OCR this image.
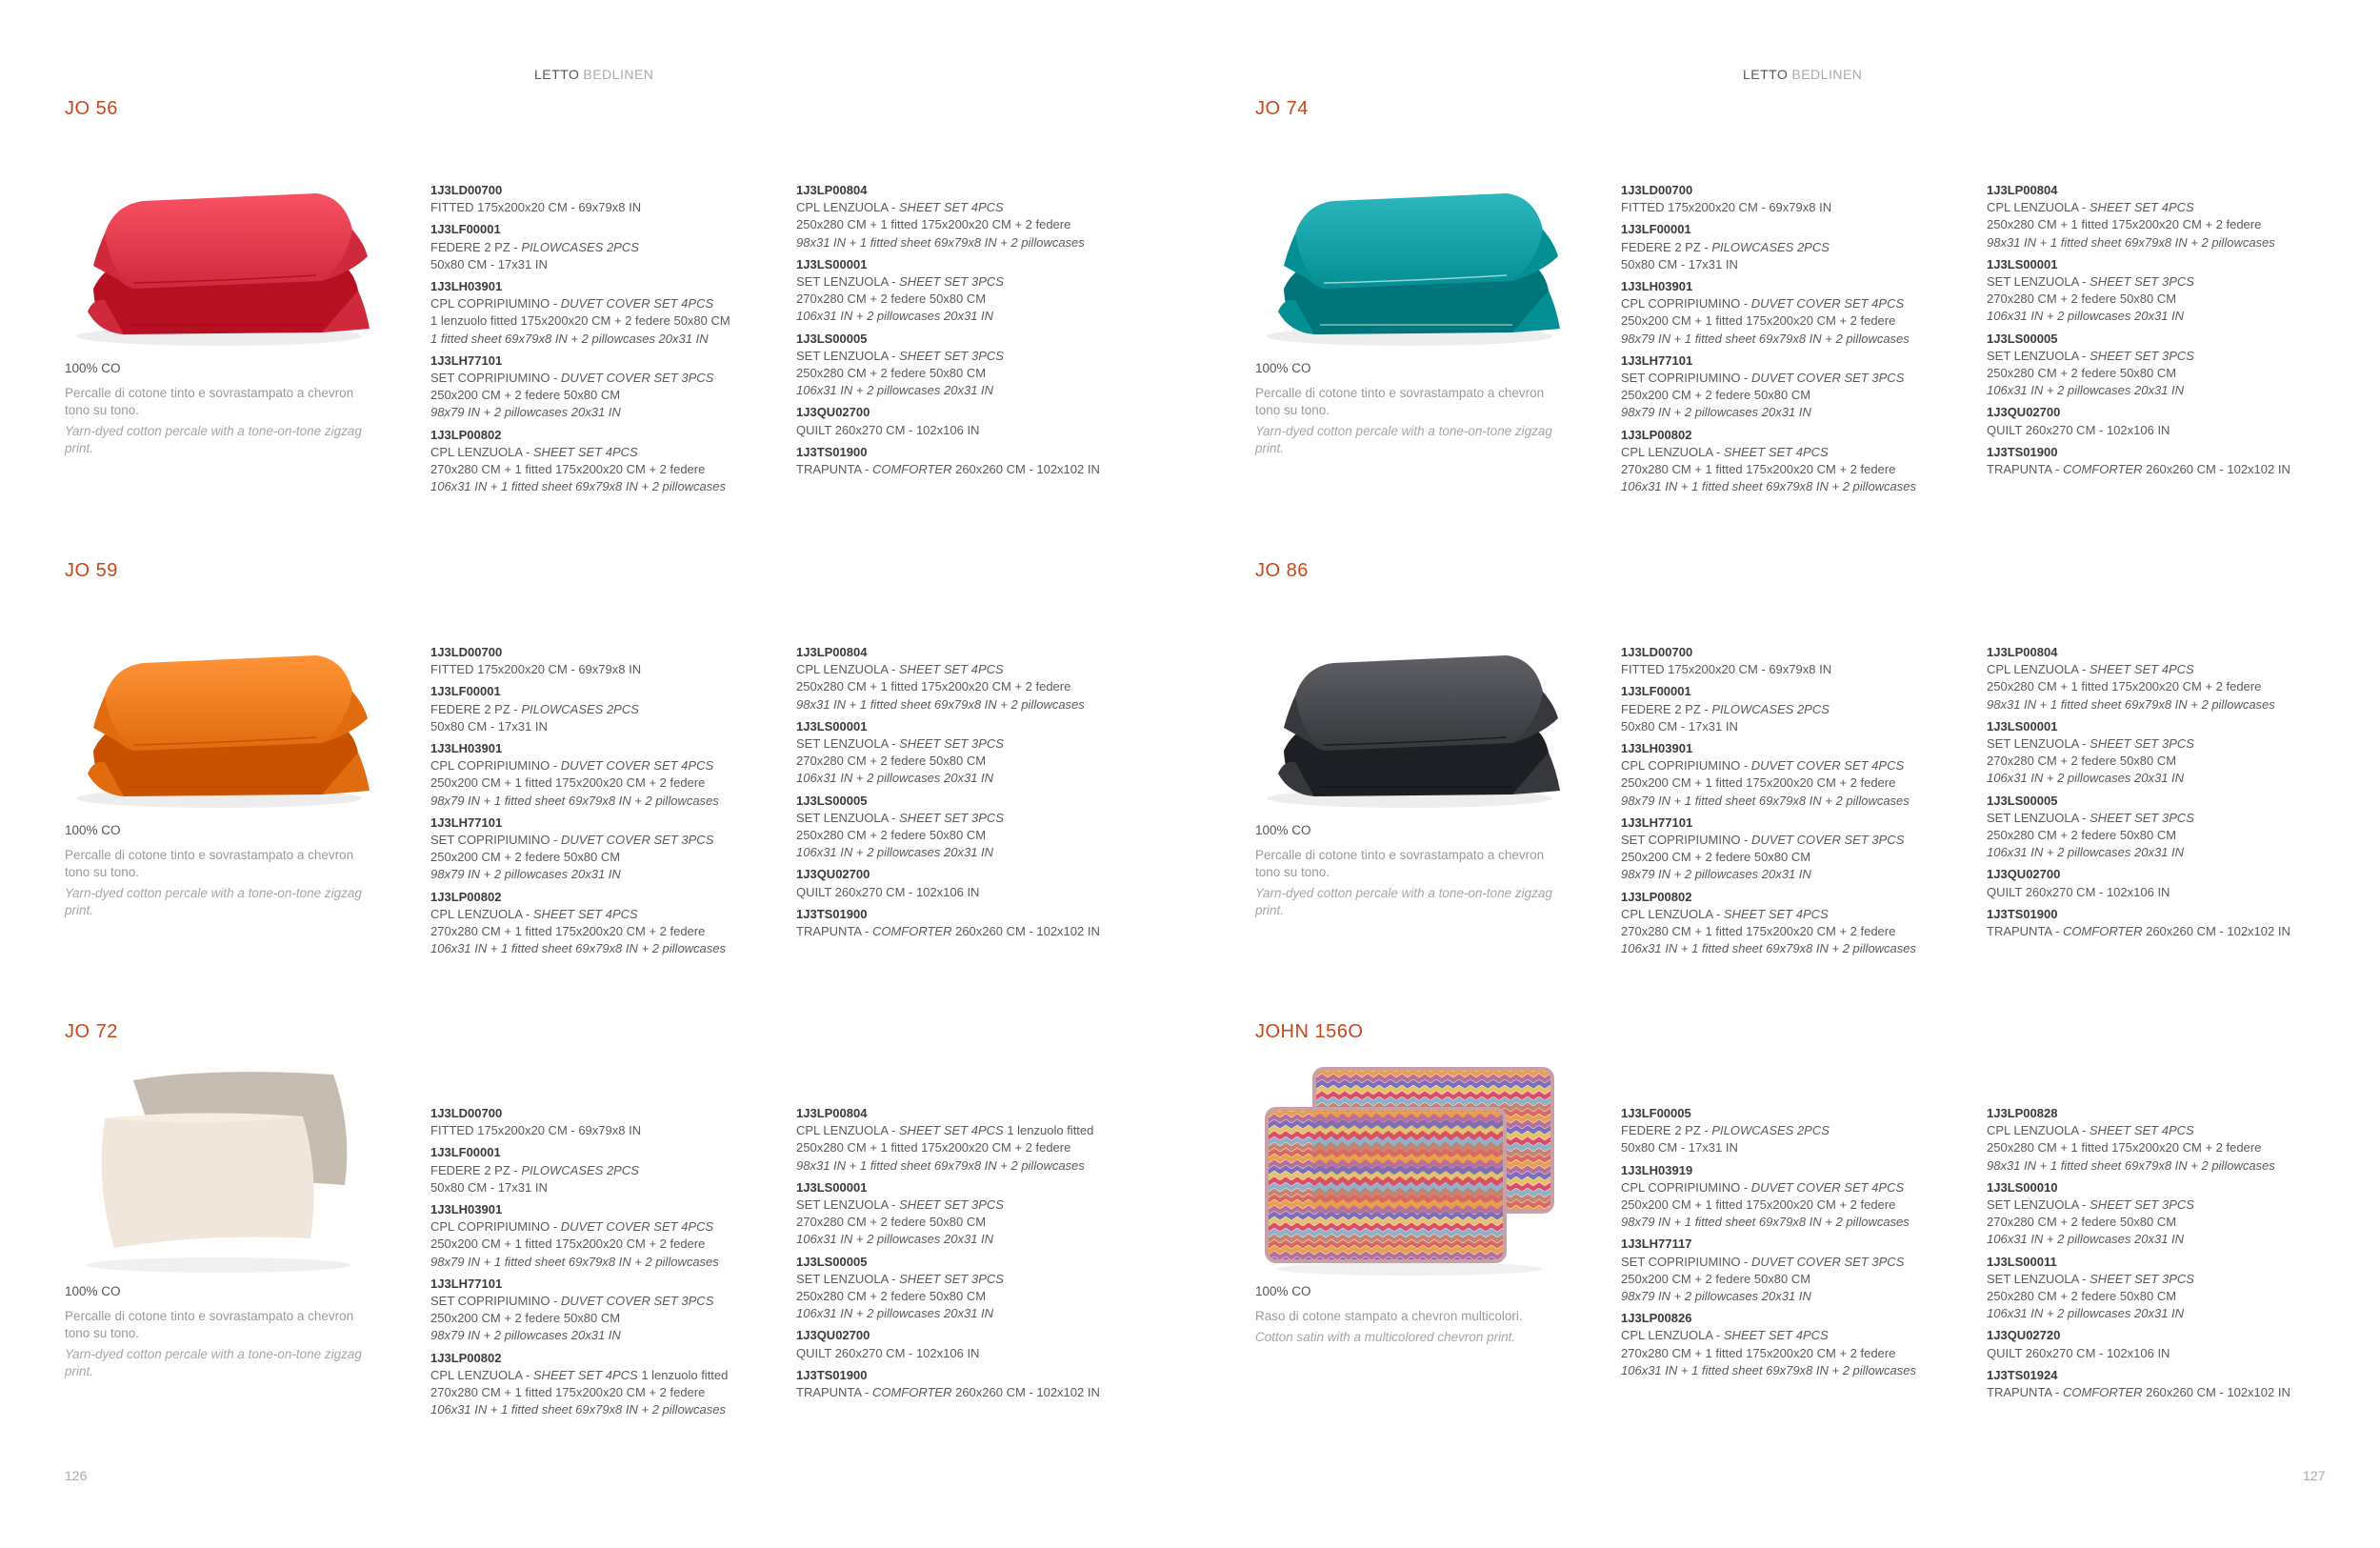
LETTO BEDLINEN
JO 56
100% CO
Percalle di cotone tinto e sovrastampato a chevron tono su tono.
Yarn-dyed cotton percale with a tone-on-tone zigzag print.
1J3LD00700
FITTED 175x200x20 CM - 69x79x8 IN
1J3LF00001
FEDERE 2 PZ - PILOWCASES 2PCS
50x80 CM - 17x31 IN
1J3LH03901
CPL COPRIPIUMINO - DUVET COVER SET 4PCS
1 lenzuolo fitted 175x200x20 CM + 2 federe 50x80 CM
1 fitted sheet 69x79x8 IN + 2 pillowcases 20x31 IN
1J3LH77101
SET COPRIPIUMINO - DUVET COVER SET 3PCS
250x200 CM + 2 federe 50x80 CM
98x79 IN + 2 pillowcases 20x31 IN
1J3LP00802
CPL LENZUOLA - SHEET SET 4PCS
270x280 CM + 1 fitted 175x200x20 CM + 2 federe
106x31 IN + 1 fitted sheet 69x79x8 IN + 2 pillowcases
1J3LP00804
CPL LENZUOLA - SHEET SET 4PCS
250x280 CM + 1 fitted 175x200x20 CM + 2 federe
98x31 IN + 1 fitted sheet 69x79x8 IN + 2 pillowcases
1J3LS00001
SET LENZUOLA - SHEET SET 3PCS
270x280 CM + 2 federe 50x80 CM
106x31 IN + 2 pillowcases 20x31 IN
1J3LS00005
SET LENZUOLA - SHEET SET 3PCS
250x280 CM + 2 federe 50x80 CM
106x31 IN + 2 pillowcases 20x31 IN
1J3QU02700
QUILT 260x270 CM - 102x106 IN
1J3TS01900
TRAPUNTA - COMFORTER 260x260 CM - 102x102 IN
JO 59
100% CO
Percalle di cotone tinto e sovrastampato a chevron tono su tono.
Yarn-dyed cotton percale with a tone-on-tone zigzag print.
1J3LD00700
FITTED 175x200x20 CM - 69x79x8 IN
1J3LF00001
FEDERE 2 PZ - PILOWCASES 2PCS
50x80 CM - 17x31 IN
1J3LH03901
CPL COPRIPIUMINO - DUVET COVER SET 4PCS
250x200 CM + 1 fitted 175x200x20 CM + 2 federe
98x79 IN + 1 fitted sheet 69x79x8 IN + 2 pillowcases
1J3LH77101
SET COPRIPIUMINO - DUVET COVER SET 3PCS
250x200 CM + 2 federe 50x80 CM
98x79 IN + 2 pillowcases 20x31 IN
1J3LP00802
CPL LENZUOLA - SHEET SET 4PCS
270x280 CM + 1 fitted 175x200x20 CM + 2 federe
106x31 IN + 1 fitted sheet 69x79x8 IN + 2 pillowcases
1J3LP00804
CPL LENZUOLA - SHEET SET 4PCS
250x280 CM + 1 fitted 175x200x20 CM + 2 federe
98x31 IN + 1 fitted sheet 69x79x8 IN + 2 pillowcases
1J3LS00001
SET LENZUOLA - SHEET SET 3PCS
270x280 CM + 2 federe 50x80 CM
106x31 IN + 2 pillowcases 20x31 IN
1J3LS00005
SET LENZUOLA - SHEET SET 3PCS
250x280 CM + 2 federe 50x80 CM
106x31 IN + 2 pillowcases 20x31 IN
1J3QU02700
QUILT 260x270 CM - 102x106 IN
1J3TS01900
TRAPUNTA - COMFORTER 260x260 CM - 102x102 IN
JO 72
100% CO
Percalle di cotone tinto e sovrastampato a chevron tono su tono.
Yarn-dyed cotton percale with a tone-on-tone zigzag print.
1J3LD00700
FITTED 175x200x20 CM - 69x79x8 IN
1J3LF00001
FEDERE 2 PZ - PILOWCASES 2PCS
50x80 CM - 17x31 IN
1J3LH03901
CPL COPRIPIUMINO - DUVET COVER SET 4PCS
250x200 CM + 1 fitted 175x200x20 CM + 2 federe
98x79 IN + 1 fitted sheet 69x79x8 IN + 2 pillowcases
1J3LH77101
SET COPRIPIUMINO - DUVET COVER SET 3PCS
250x200 CM + 2 federe 50x80 CM
98x79 IN + 2 pillowcases 20x31 IN
1J3LP00802
CPL LENZUOLA - SHEET SET 4PCS 1 lenzuolo fitted
270x280 CM + 1 fitted 175x200x20 CM + 2 federe
106x31 IN + 1 fitted sheet 69x79x8 IN + 2 pillowcases
1J3LP00804
CPL LENZUOLA - SHEET SET 4PCS 1 lenzuolo fitted
250x280 CM + 1 fitted 175x200x20 CM + 2 federe
98x31 IN + 1 fitted sheet 69x79x8 IN + 2 pillowcases
1J3LS00001
SET LENZUOLA - SHEET SET 3PCS
270x280 CM + 2 federe 50x80 CM
106x31 IN + 2 pillowcases 20x31 IN
1J3LS00005
SET LENZUOLA - SHEET SET 3PCS
250x280 CM + 2 federe 50x80 CM
106x31 IN + 2 pillowcases 20x31 IN
1J3QU02700
QUILT 260x270 CM - 102x106 IN
1J3TS01900
TRAPUNTA - COMFORTER 260x260 CM - 102x102 IN
126
LETTO BEDLINEN
JO 74
100% CO
Percalle di cotone tinto e sovrastampato a chevron tono su tono.
Yarn-dyed cotton percale with a tone-on-tone zigzag print.
1J3LD00700
FITTED 175x200x20 CM - 69x79x8 IN
1J3LF00001
FEDERE 2 PZ - PILOWCASES 2PCS
50x80 CM - 17x31 IN
1J3LH03901
CPL COPRIPIUMINO - DUVET COVER SET 4PCS
250x200 CM + 1 fitted 175x200x20 CM + 2 federe
98x79 IN + 1 fitted sheet 69x79x8 IN + 2 pillowcases
1J3LH77101
SET COPRIPIUMINO - DUVET COVER SET 3PCS
250x200 CM + 2 federe 50x80 CM
98x79 IN + 2 pillowcases 20x31 IN
1J3LP00802
CPL LENZUOLA - SHEET SET 4PCS
270x280 CM + 1 fitted 175x200x20 CM + 2 federe
106x31 IN + 1 fitted sheet 69x79x8 IN + 2 pillowcases
1J3LP00804
CPL LENZUOLA - SHEET SET 4PCS
250x280 CM + 1 fitted 175x200x20 CM + 2 federe
98x31 IN + 1 fitted sheet 69x79x8 IN + 2 pillowcases
1J3LS00001
SET LENZUOLA - SHEET SET 3PCS
270x280 CM + 2 federe 50x80 CM
106x31 IN + 2 pillowcases 20x31 IN
1J3LS00005
SET LENZUOLA - SHEET SET 3PCS
250x280 CM + 2 federe 50x80 CM
106x31 IN + 2 pillowcases 20x31 IN
1J3QU02700
QUILT 260x270 CM - 102x106 IN
1J3TS01900
TRAPUNTA - COMFORTER 260x260 CM - 102x102 IN
JO 86
100% CO
Percalle di cotone tinto e sovrastampato a chevron tono su tono.
Yarn-dyed cotton percale with a tone-on-tone zigzag print.
1J3LD00700
FITTED 175x200x20 CM - 69x79x8 IN
1J3LF00001
FEDERE 2 PZ - PILOWCASES 2PCS
50x80 CM - 17x31 IN
1J3LH03901
CPL COPRIPIUMINO - DUVET COVER SET 4PCS
250x200 CM + 1 fitted 175x200x20 CM + 2 federe
98x79 IN + 1 fitted sheet 69x79x8 IN + 2 pillowcases
1J3LH77101
SET COPRIPIUMINO - DUVET COVER SET 3PCS
250x200 CM + 2 federe 50x80 CM
98x79 IN + 2 pillowcases 20x31 IN
1J3LP00802
CPL LENZUOLA - SHEET SET 4PCS
270x280 CM + 1 fitted 175x200x20 CM + 2 federe
106x31 IN + 1 fitted sheet 69x79x8 IN + 2 pillowcases
1J3LP00804
CPL LENZUOLA - SHEET SET 4PCS
250x280 CM + 1 fitted 175x200x20 CM + 2 federe
98x31 IN + 1 fitted sheet 69x79x8 IN + 2 pillowcases
1J3LS00001
SET LENZUOLA - SHEET SET 3PCS
270x280 CM + 2 federe 50x80 CM
106x31 IN + 2 pillowcases 20x31 IN
1J3LS00005
SET LENZUOLA - SHEET SET 3PCS
250x280 CM + 2 federe 50x80 CM
106x31 IN + 2 pillowcases 20x31 IN
1J3QU02700
QUILT 260x270 CM - 102x106 IN
1J3TS01900
TRAPUNTA - COMFORTER 260x260 CM - 102x102 IN
JOHN 156O
100% CO
Raso di cotone stampato a chevron multicolori.
Cotton satin with a multicolored chevron print.
1J3LF00005
FEDERE 2 PZ - PILOWCASES 2PCS
50x80 CM - 17x31 IN
1J3LH03919
CPL COPRIPIUMINO - DUVET COVER SET 4PCS
250x200 CM + 1 fitted 175x200x20 CM + 2 federe
98x79 IN + 1 fitted sheet 69x79x8 IN + 2 pillowcases
1J3LH77117
SET COPRIPIUMINO - DUVET COVER SET 3PCS
250x200 CM + 2 federe 50x80 CM
98x79 IN + 2 pillowcases 20x31 IN
1J3LP00826
CPL LENZUOLA - SHEET SET 4PCS
270x280 CM + 1 fitted 175x200x20 CM + 2 federe
106x31 IN + 1 fitted sheet 69x79x8 IN + 2 pillowcases
1J3LP00828
CPL LENZUOLA - SHEET SET 4PCS
250x280 CM + 1 fitted 175x200x20 CM + 2 federe
98x31 IN + 1 fitted sheet 69x79x8 IN + 2 pillowcases
1J3LS00010
SET LENZUOLA - SHEET SET 3PCS
270x280 CM + 2 federe 50x80 CM
106x31 IN + 2 pillowcases 20x31 IN
1J3LS00011
SET LENZUOLA - SHEET SET 3PCS
250x280 CM + 2 federe 50x80 CM
106x31 IN + 2 pillowcases 20x31 IN
1J3QU02720
QUILT 260x270 CM - 102x106 IN
1J3TS01924
TRAPUNTA - COMFORTER 260x260 CM - 102x102 IN
127
